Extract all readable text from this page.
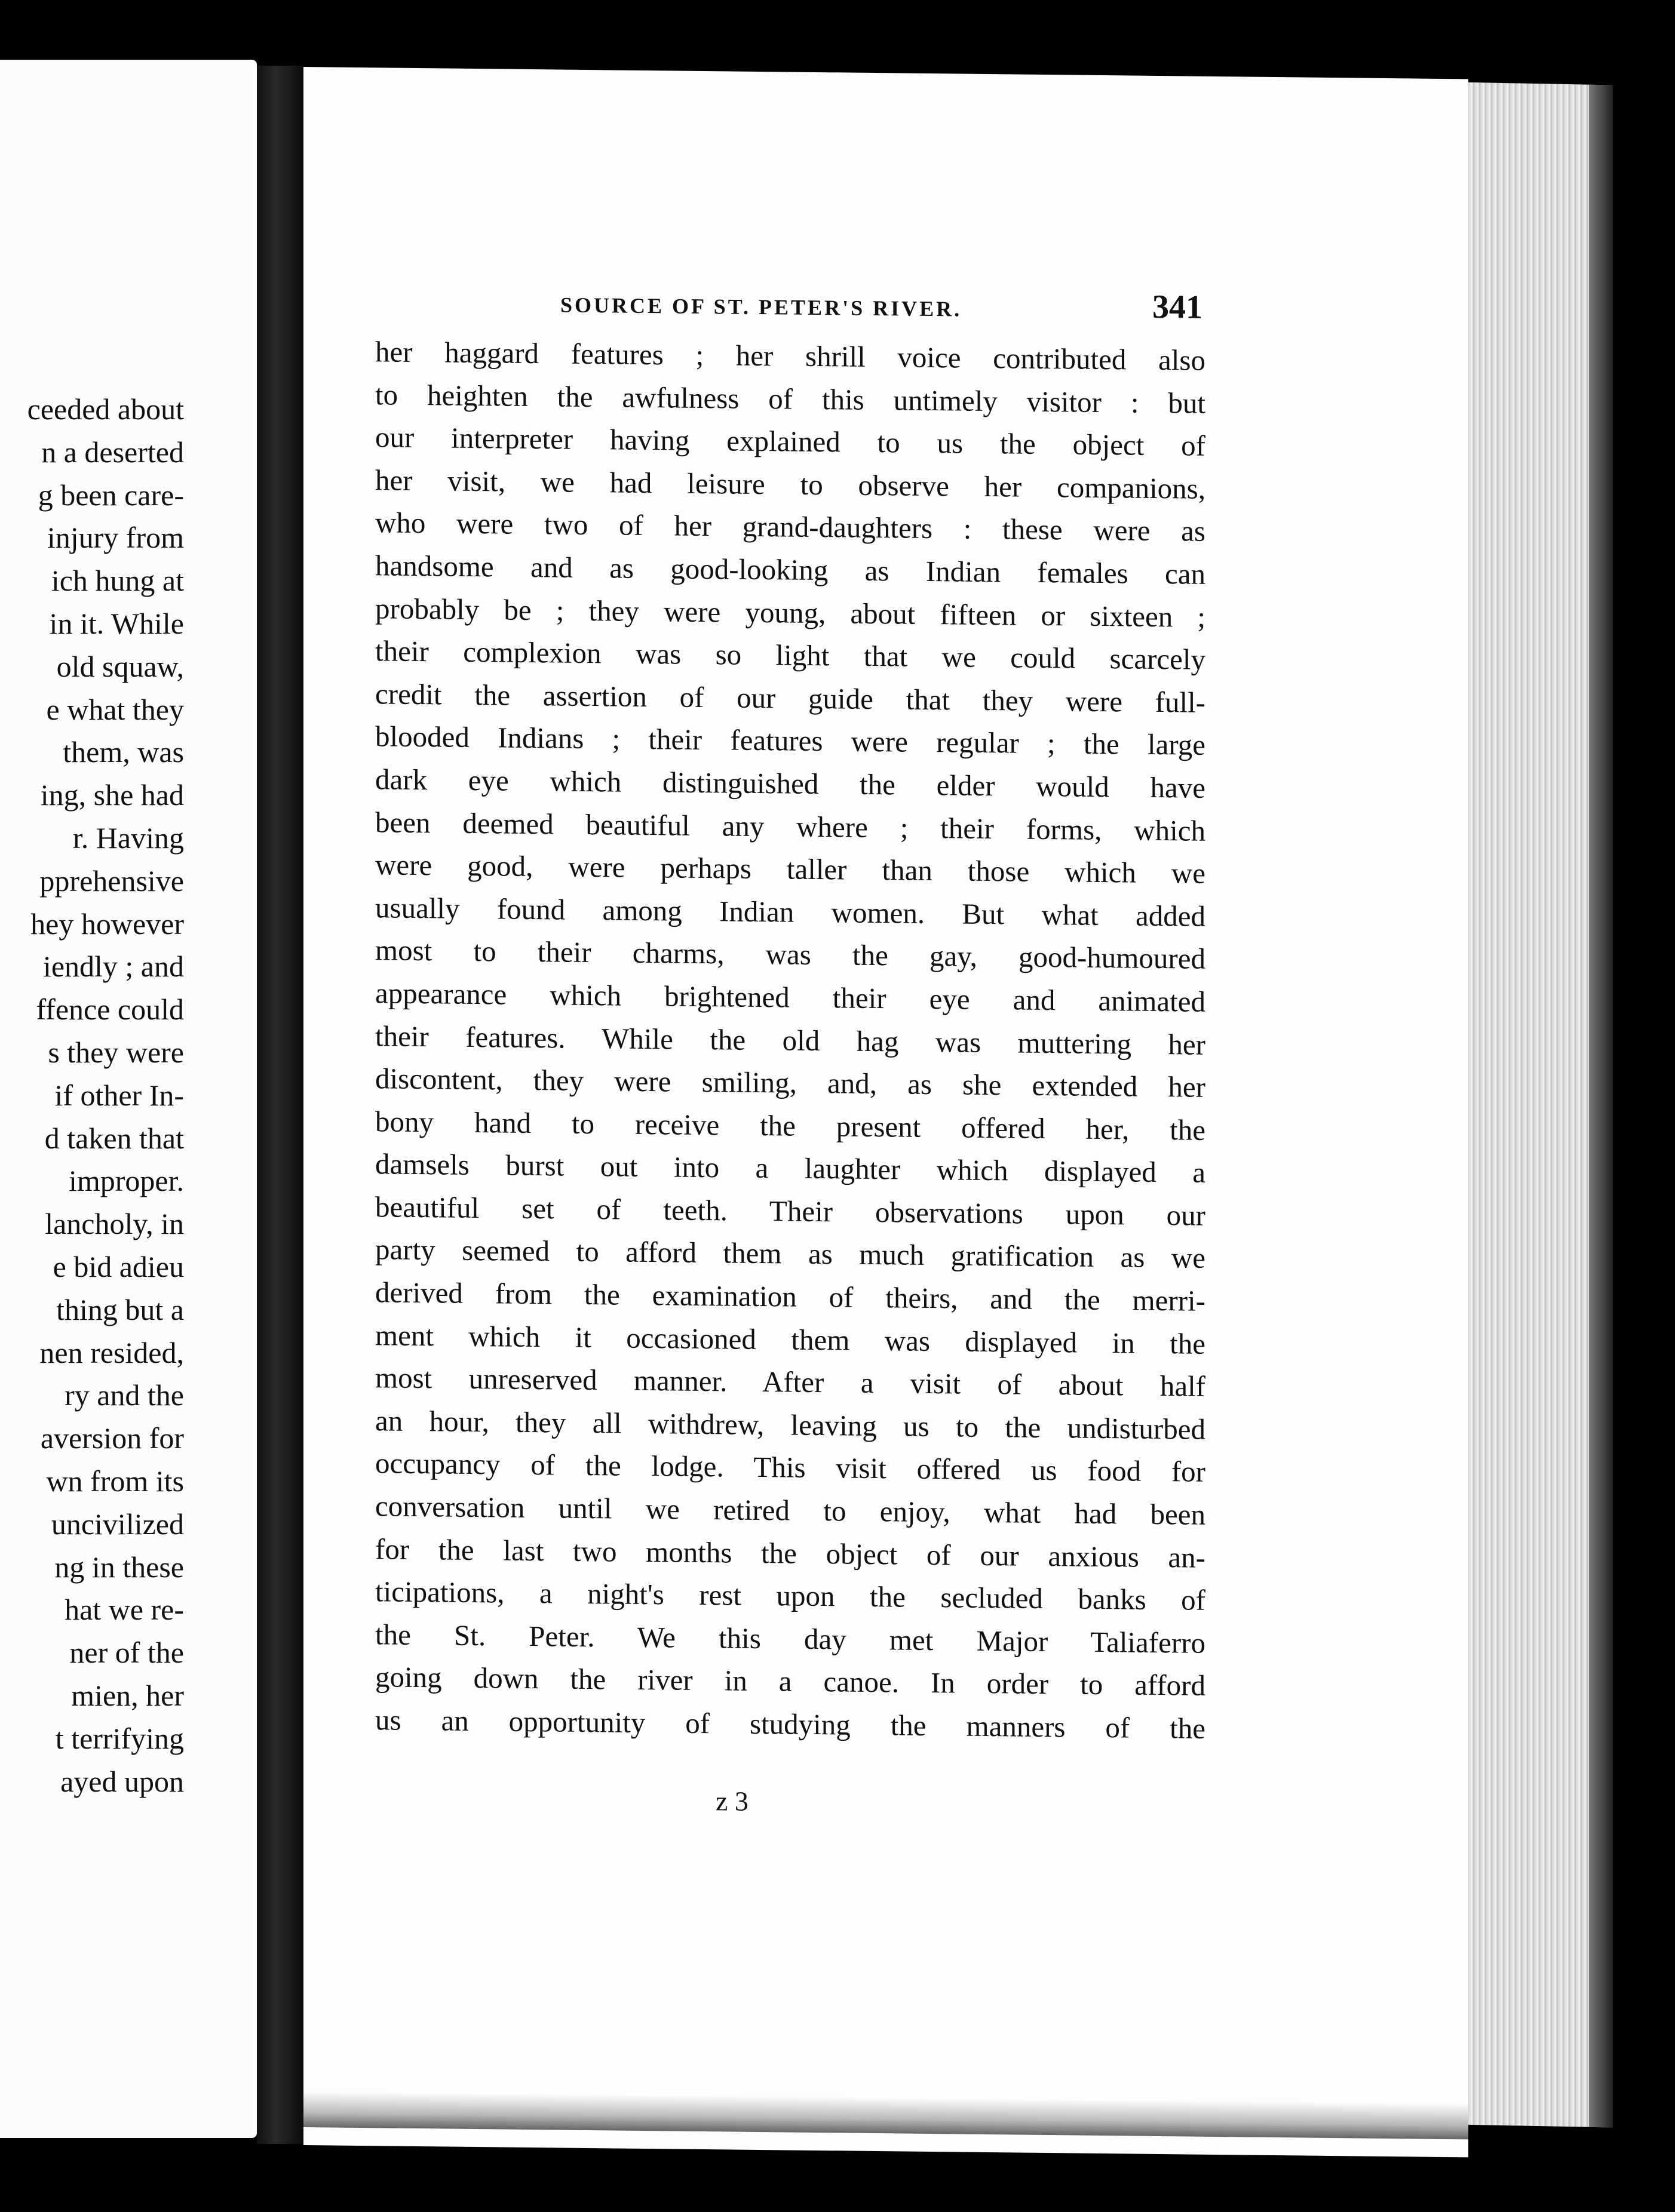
ceeded about
n a deserted
g been care-
injury from
ich hung at
in it. While
old squaw,
e what they
them, was
ing, she had
r. Having
pprehensive
hey however
iendly ; and
ffence could
s they were
if other In-
d taken that
improper.
lancholy, in
e bid adieu
thing but a
nen resided,
ry and the
aversion for
wn from its
uncivilized
ng in these
hat we re-
ner of the
mien, her
t terrifying
ayed upon
SOURCE OF ST. PETER'S RIVER.	341
her haggard features ; her shrill voice contributed also
to heighten the awfulness of this untimely visitor : but
our interpreter having explained to us the object of
her visit, we had leisure to observe her companions,
who were two of her grand-daughters : these were as
handsome and as good-looking as Indian females can
probably be ; they were young, about fifteen or sixteen ;
their complexion was so light that we could scarcely
credit the assertion of our guide that they were full-
blooded Indians ; their features were regular ; the large
dark eye which distinguished the elder would have
been deemed beautiful any where ; their forms, which
were good, were perhaps taller than those which we
usually found among Indian women. But what added
most to their charms, was the gay, good-humoured
appearance which brightened their eye and animated
their features. While the old hag was muttering her
discontent, they were smiling, and, as she extended her
bony hand to receive the present offered her, the
damsels burst out into a laughter which displayed a
beautiful set of teeth. Their observations upon our
party seemed to afford them as much gratification as we
derived from the examination of theirs, and the merri-
ment which it occasioned them was displayed in the
most unreserved manner. After a visit of about half
an hour, they all withdrew, leaving us to the undisturbed
occupancy of the lodge. This visit offered us food for
conversation until we retired to enjoy, what had been
for the last two months the object of our anxious an-
ticipations, a night's rest upon the secluded banks of
the St. Peter. We this day met Major Taliaferro
going down the river in a canoe. In order to afford
us an opportunity of studying the manners of the
z 3
